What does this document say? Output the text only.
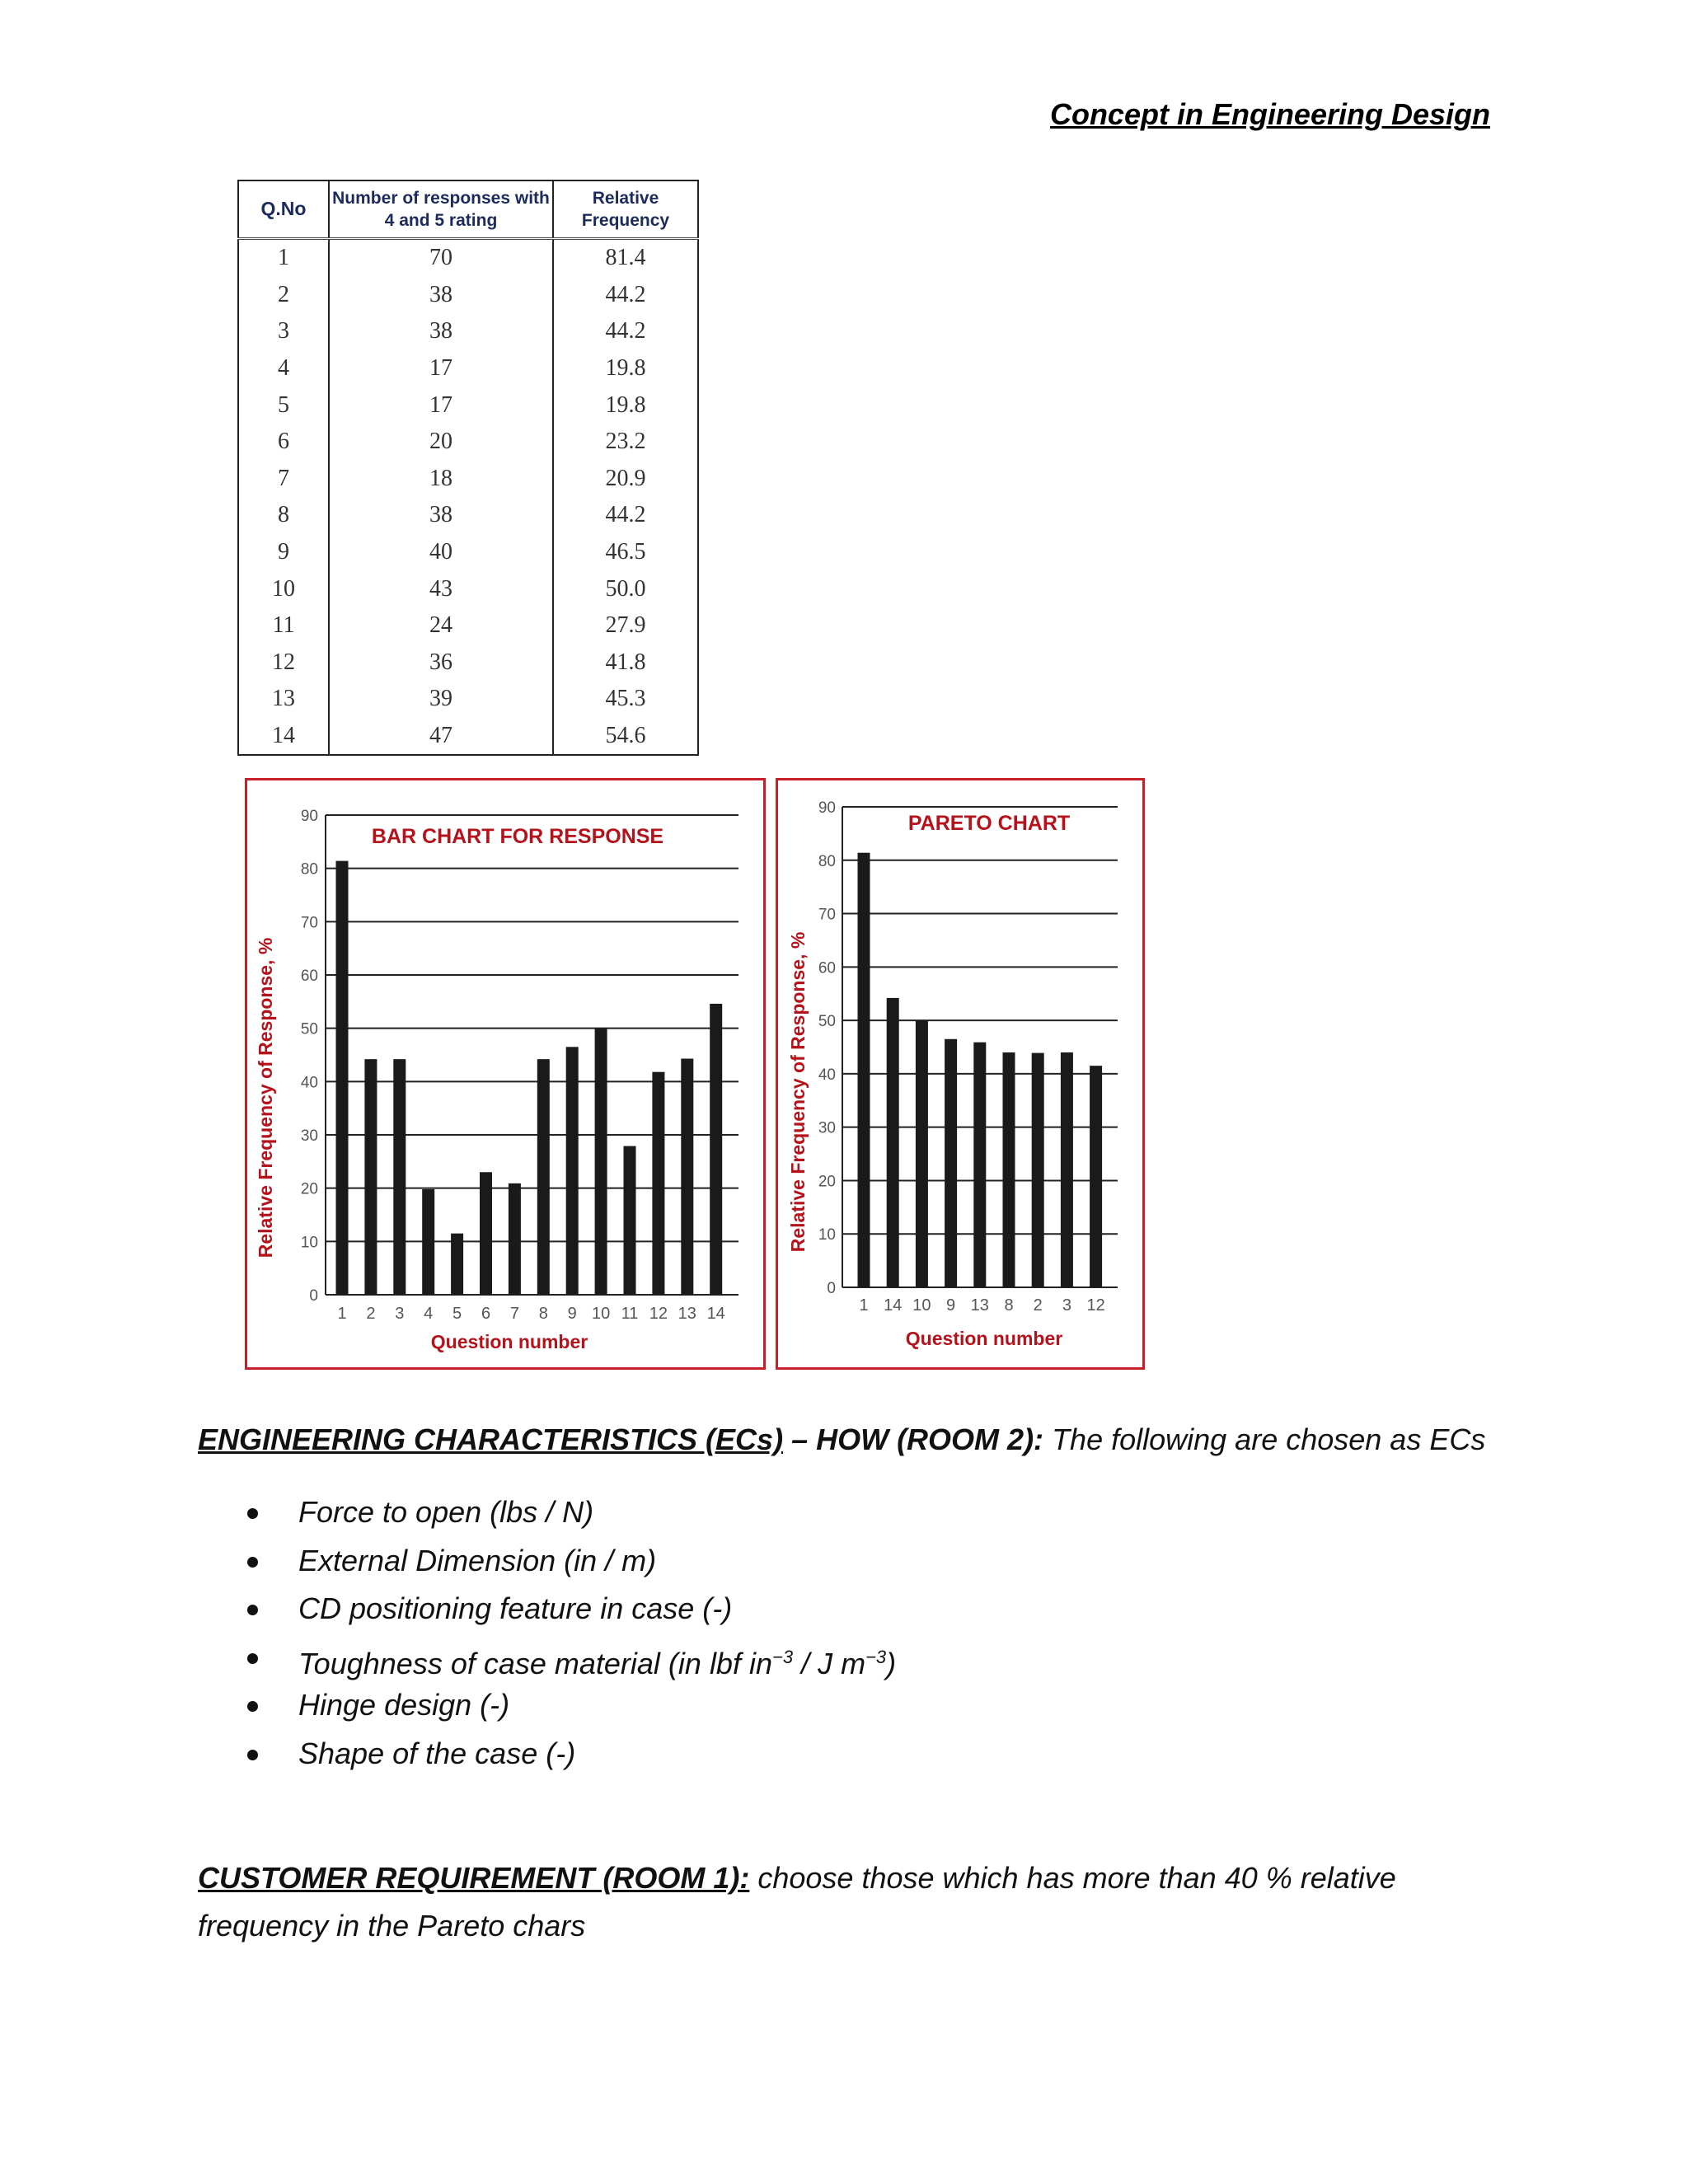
Concept in Engineering Design
Q.No	Number of responses with 4 and 5 rating	Relative Frequency
1	70	81.4
2	38	44.2
3	38	44.2
4	17	19.8
5	17	19.8
6	20	23.2
7	18	20.9
8	38	44.2
9	40	46.5
10	43	50.0
11	24	27.9
12	36	41.8
13	39	45.3
14	47	54.6
0
10
20
30
40
50
60
70
80
90
1 2 3 4 5 6 7 8 9 10 11 12 13 14
BAR CHART FOR RESPONSE
Question number
Relative Frequency of Response, %
0
10
20
30
40
50
60
70
80
90
1 14 10 9 13 8 2 3 12
PARETO CHART
Question number
Relative Frequency of Response, %

ENGINEERING CHARACTERISTICS (ECs) – HOW (ROOM 2): The following are chosen as ECs

Force to open (lbs / N)
External Dimension (in / m)
CD positioning feature in case (-)
Toughness of case material (in lbf $in^{-3}$ / J $m^{-3}$)
Hinge design (-)
Shape of the case (-)

CUSTOMER REQUIREMENT (ROOM 1): choose those which has more than 40 % relative frequency in the Pareto chars
